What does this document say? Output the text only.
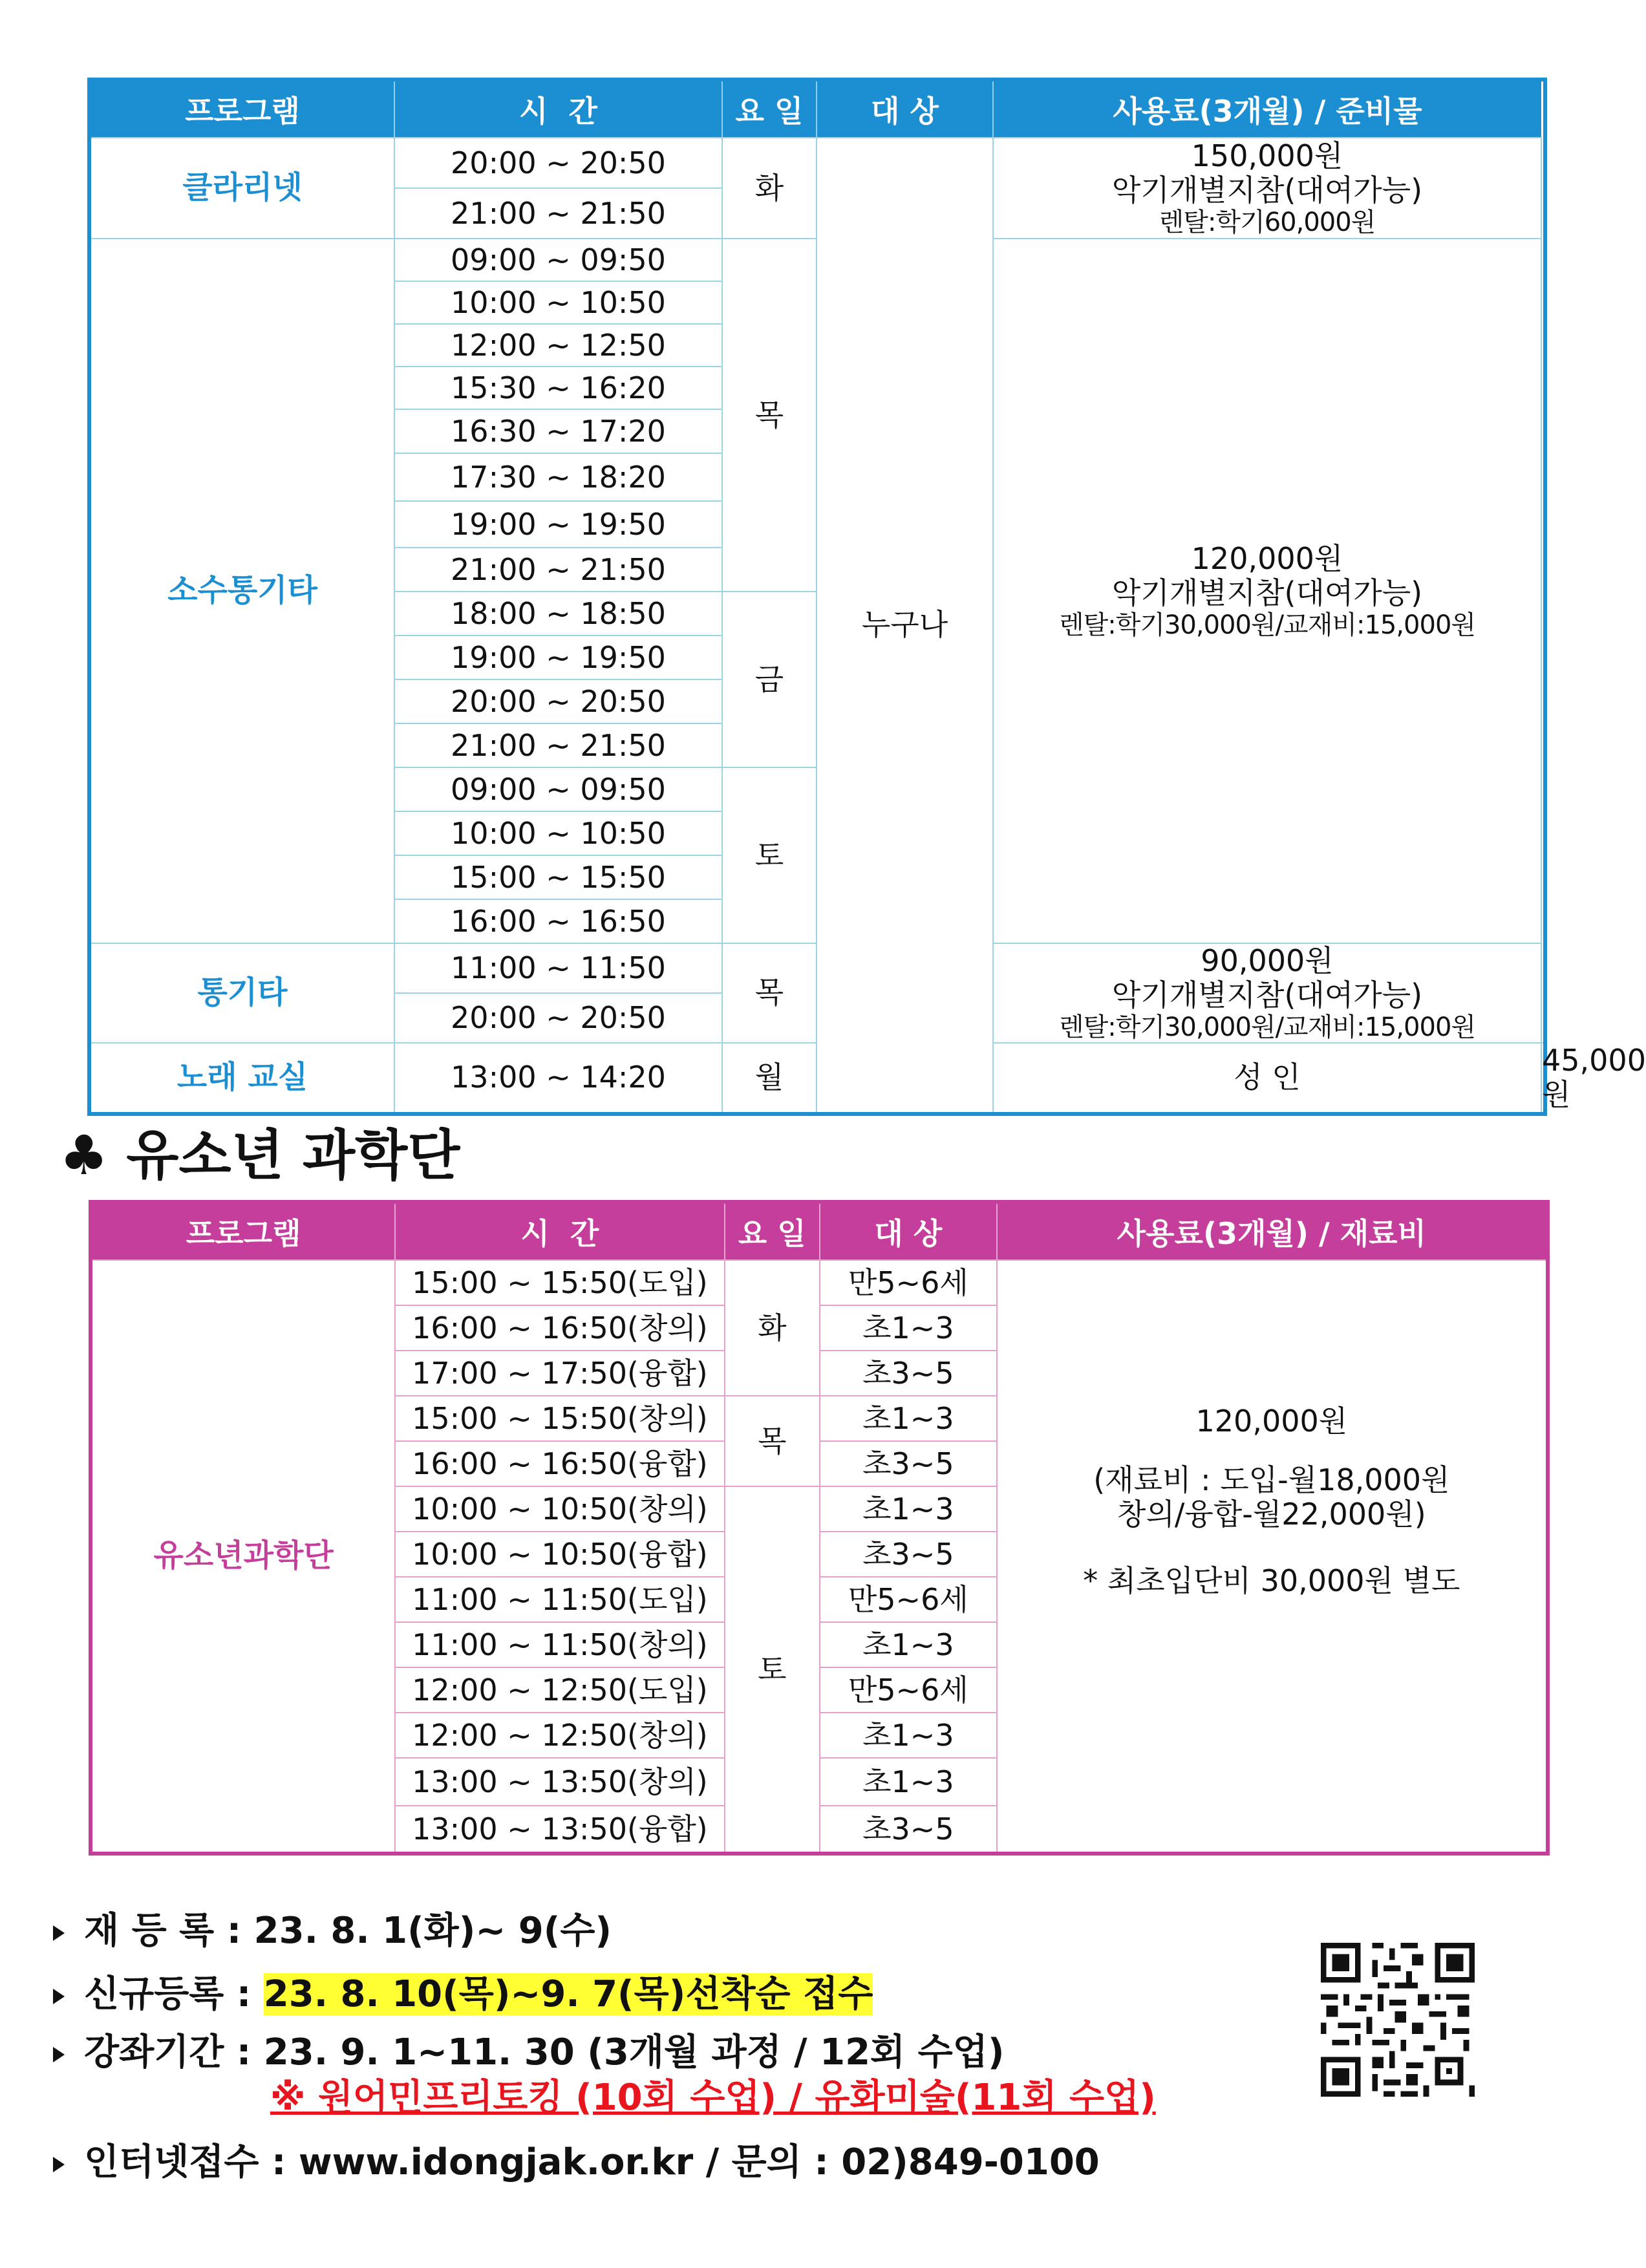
프로그램	시  간	요 일	대 상	사용료(3개월) / 준비물	
클라리넷	20:00 ~ 20:50	화	누구나	150,000원
악기개별지참(대여가능)
렌탈:학기60,000원	

	21:00 ~ 21:50				
소수통기타	09:00 ~ 09:50	목		120,000원
악기개별지참(대여가능)
렌탈:학기30,000원/교재비:15,000원	

	10:00 ~ 10:50				
	12:00 ~ 12:50				
	15:30 ~ 16:20				
	16:30 ~ 17:20				
	17:30 ~ 18:20				
	19:00 ~ 19:50				
	21:00 ~ 21:50				
	18:00 ~ 18:50	금			
	19:00 ~ 19:50				
	20:00 ~ 20:50				
	21:00 ~ 21:50				
	09:00 ~ 09:50	토			
	10:00 ~ 10:50				
	15:00 ~ 15:50				
	16:00 ~ 16:50				
통기타	11:00 ~ 11:50	목		90,000원
악기개별지참(대여가능)
렌탈:학기30,000원/교재비:15,000원	

	20:00 ~ 20:50				
노래 교실	13:00 ~ 14:20	월		성 인	45,000원
♣ 유소년 과학단
프로그램	시  간	요 일	대 상	사용료(3개월) / 재료비
유소년과학단	15:00 ~ 15:50(도입)	화	만5~6세	120,000원
(재료비 : 도입-월18,000원
창의/융합-월22,000원)
* 최초입단비 30,000원 별도

	16:00 ~ 16:50(창의)		초1~3	
	17:00 ~ 17:50(융합)		초3~5	
	15:00 ~ 15:50(창의)	목	초1~3	
	16:00 ~ 16:50(융합)		초3~5	
	10:00 ~ 10:50(창의)	토	초1~3	
	10:00 ~ 10:50(융합)		초3~5	
	11:00 ~ 11:50(도입)		만5~6세	
	11:00 ~ 11:50(창의)		초1~3	
	12:00 ~ 12:50(도입)		만5~6세	
	12:00 ~ 12:50(창의)		초1~3	
	13:00 ~ 13:50(창의)		초1~3	
	13:00 ~ 13:50(융합)		초3~5	
재 등 록 : 23. 8. 1(화)~ 9(수)
신규등록 : 23. 8. 10(목)~9. 7(목)선착순 접수
강좌기간 : 23. 9. 1~11. 30 (3개월 과정 / 12회 수업)
※ 원어민프리토킹 (10회 수업) / 유화미술(11회 수업)
인터넷접수 : www.idongjak.or.kr / 문의 : 02)849-0100
